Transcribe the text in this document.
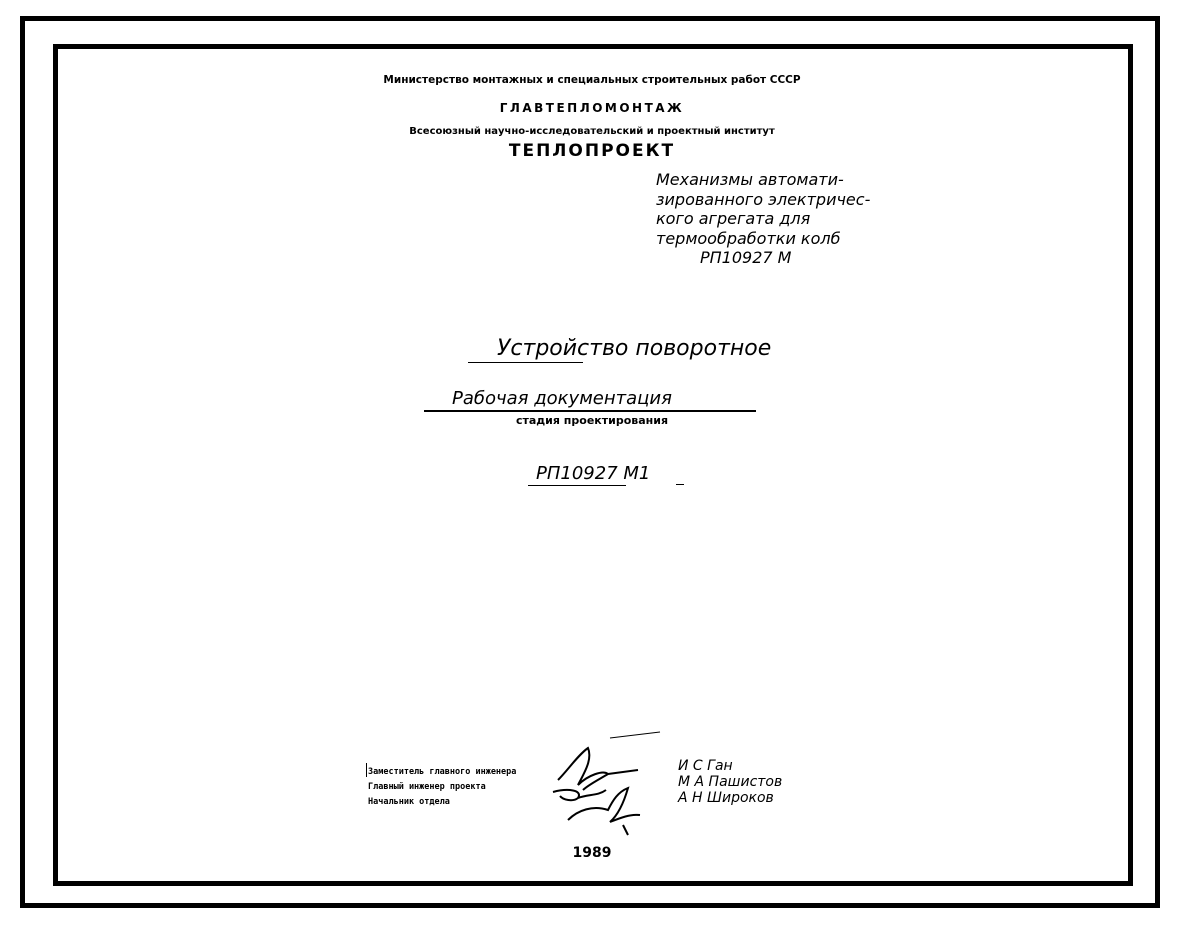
Министерство монтажных и специальных строительных работ СССР
ГЛАВТЕПЛОМОНТАЖ
Всесоюзный научно-исследовательский и проектный институт
ТЕПЛОПРОЕКТ
Механизмы автомати-
зированного электричес-
кого агрегата для
термообработки колб
РП10927 М
Устройство поворотное
Рабочая документация
стадия проектирования
РП10927 М1
Заместитель главного инженера
Главный инженер проекта
Начальник отдела
И С Ган
М А Пашистов
А Н Широков
1989
